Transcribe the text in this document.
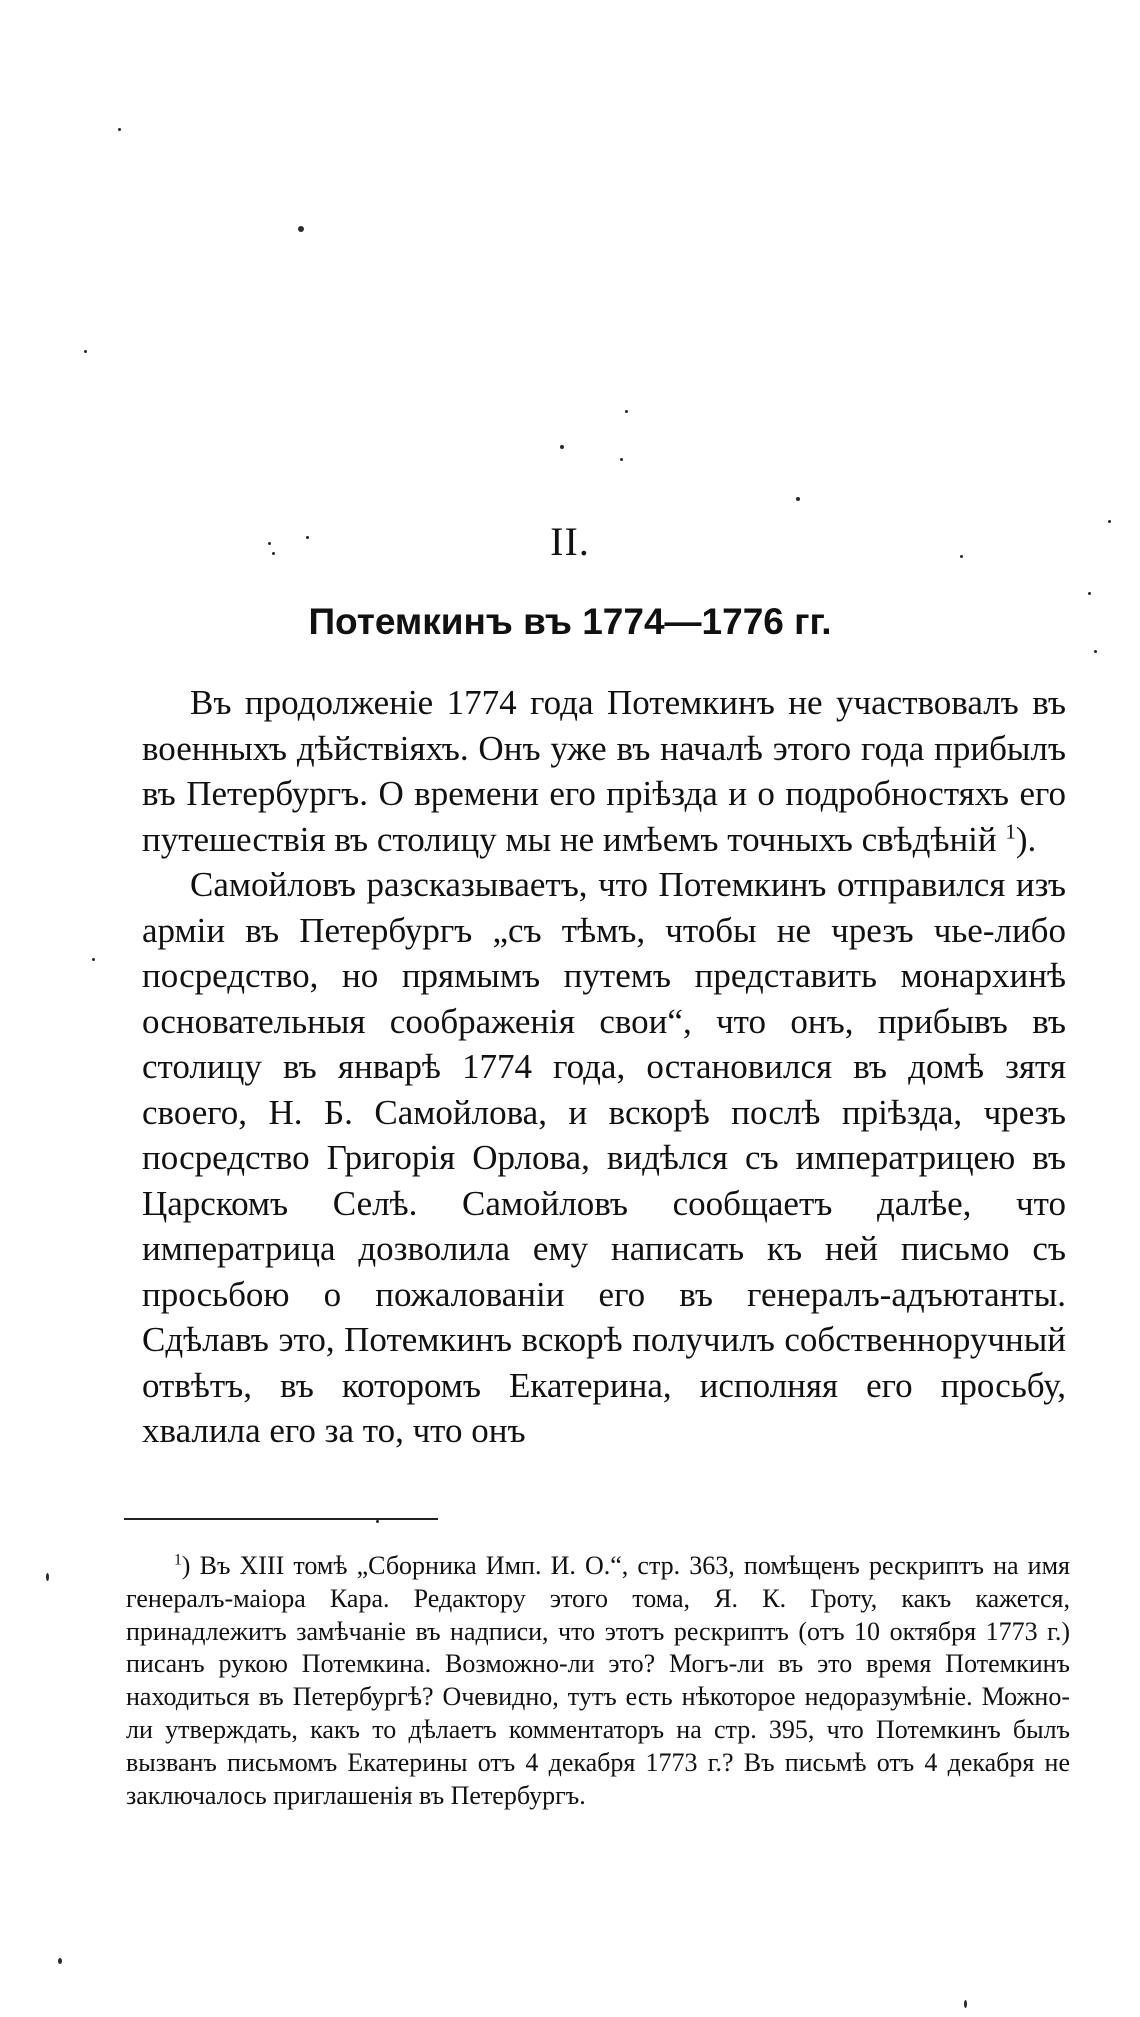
II.
Потемкинъ въ 1774—1776 гг.

Въ продолженіе 1774 года Потемкинъ не участвовалъ въ военныхъ дѣйствіяхъ. Онъ уже въ началѣ этого года прибылъ въ Петербургъ. О времени его пріѣзда и о подробностяхъ его путешествія въ столицу мы не имѣемъ точныхъ свѣдѣній $^1$).

Самойловъ разсказываетъ, что Потемкинъ отправился изъ арміи въ Петербургъ „съ тѣмъ, чтобы не чрезъ чье-либо посредство, но прямымъ путемъ представить монархинѣ основательныя соображенія свои“, что онъ, прибывъ въ столицу въ январѣ 1774 года, остановился въ домѣ зятя своего, Н. Б. Самойлова, и вскорѣ послѣ пріѣзда, чрезъ посредство Григорія Орлова, видѣлся съ императрицею въ Царскомъ Селѣ. Самойловъ сообщаетъ далѣе, что императрица дозволила ему написать къ ней письмо съ просьбою о пожалованіи его въ генералъ-адъютанты. Сдѣлавъ это, Потемкинъ вскорѣ получилъ собственноручный отвѣтъ, въ которомъ Екатерина, исполняя его просьбу, хвалила его за то, что онъ

$^1$) Въ XIII томѣ „Сборника Имп. И. О.“, стр. 363, помѣщенъ рескриптъ на имя генералъ-маіора Кара. Редактору этого тома, Я. К. Гроту, какъ кажется, принадлежитъ замѣчаніе въ надписи, что этотъ рескриптъ (отъ 10 октября 1773 г.) писанъ рукою Потемкина. Возможно-ли это? Могъ-ли въ это время Потемкинъ находиться въ Петербургѣ? Очевидно, тутъ есть нѣкоторое недоразумѣніе. Можно-ли утверждать, какъ то дѣлаетъ комментаторъ на стр. 395, что Потемкинъ былъ вызванъ письмомъ Екатерины отъ 4 декабря 1773 г.? Въ письмѣ отъ 4 декабря не заключалось приглашенія въ Петербургъ.
